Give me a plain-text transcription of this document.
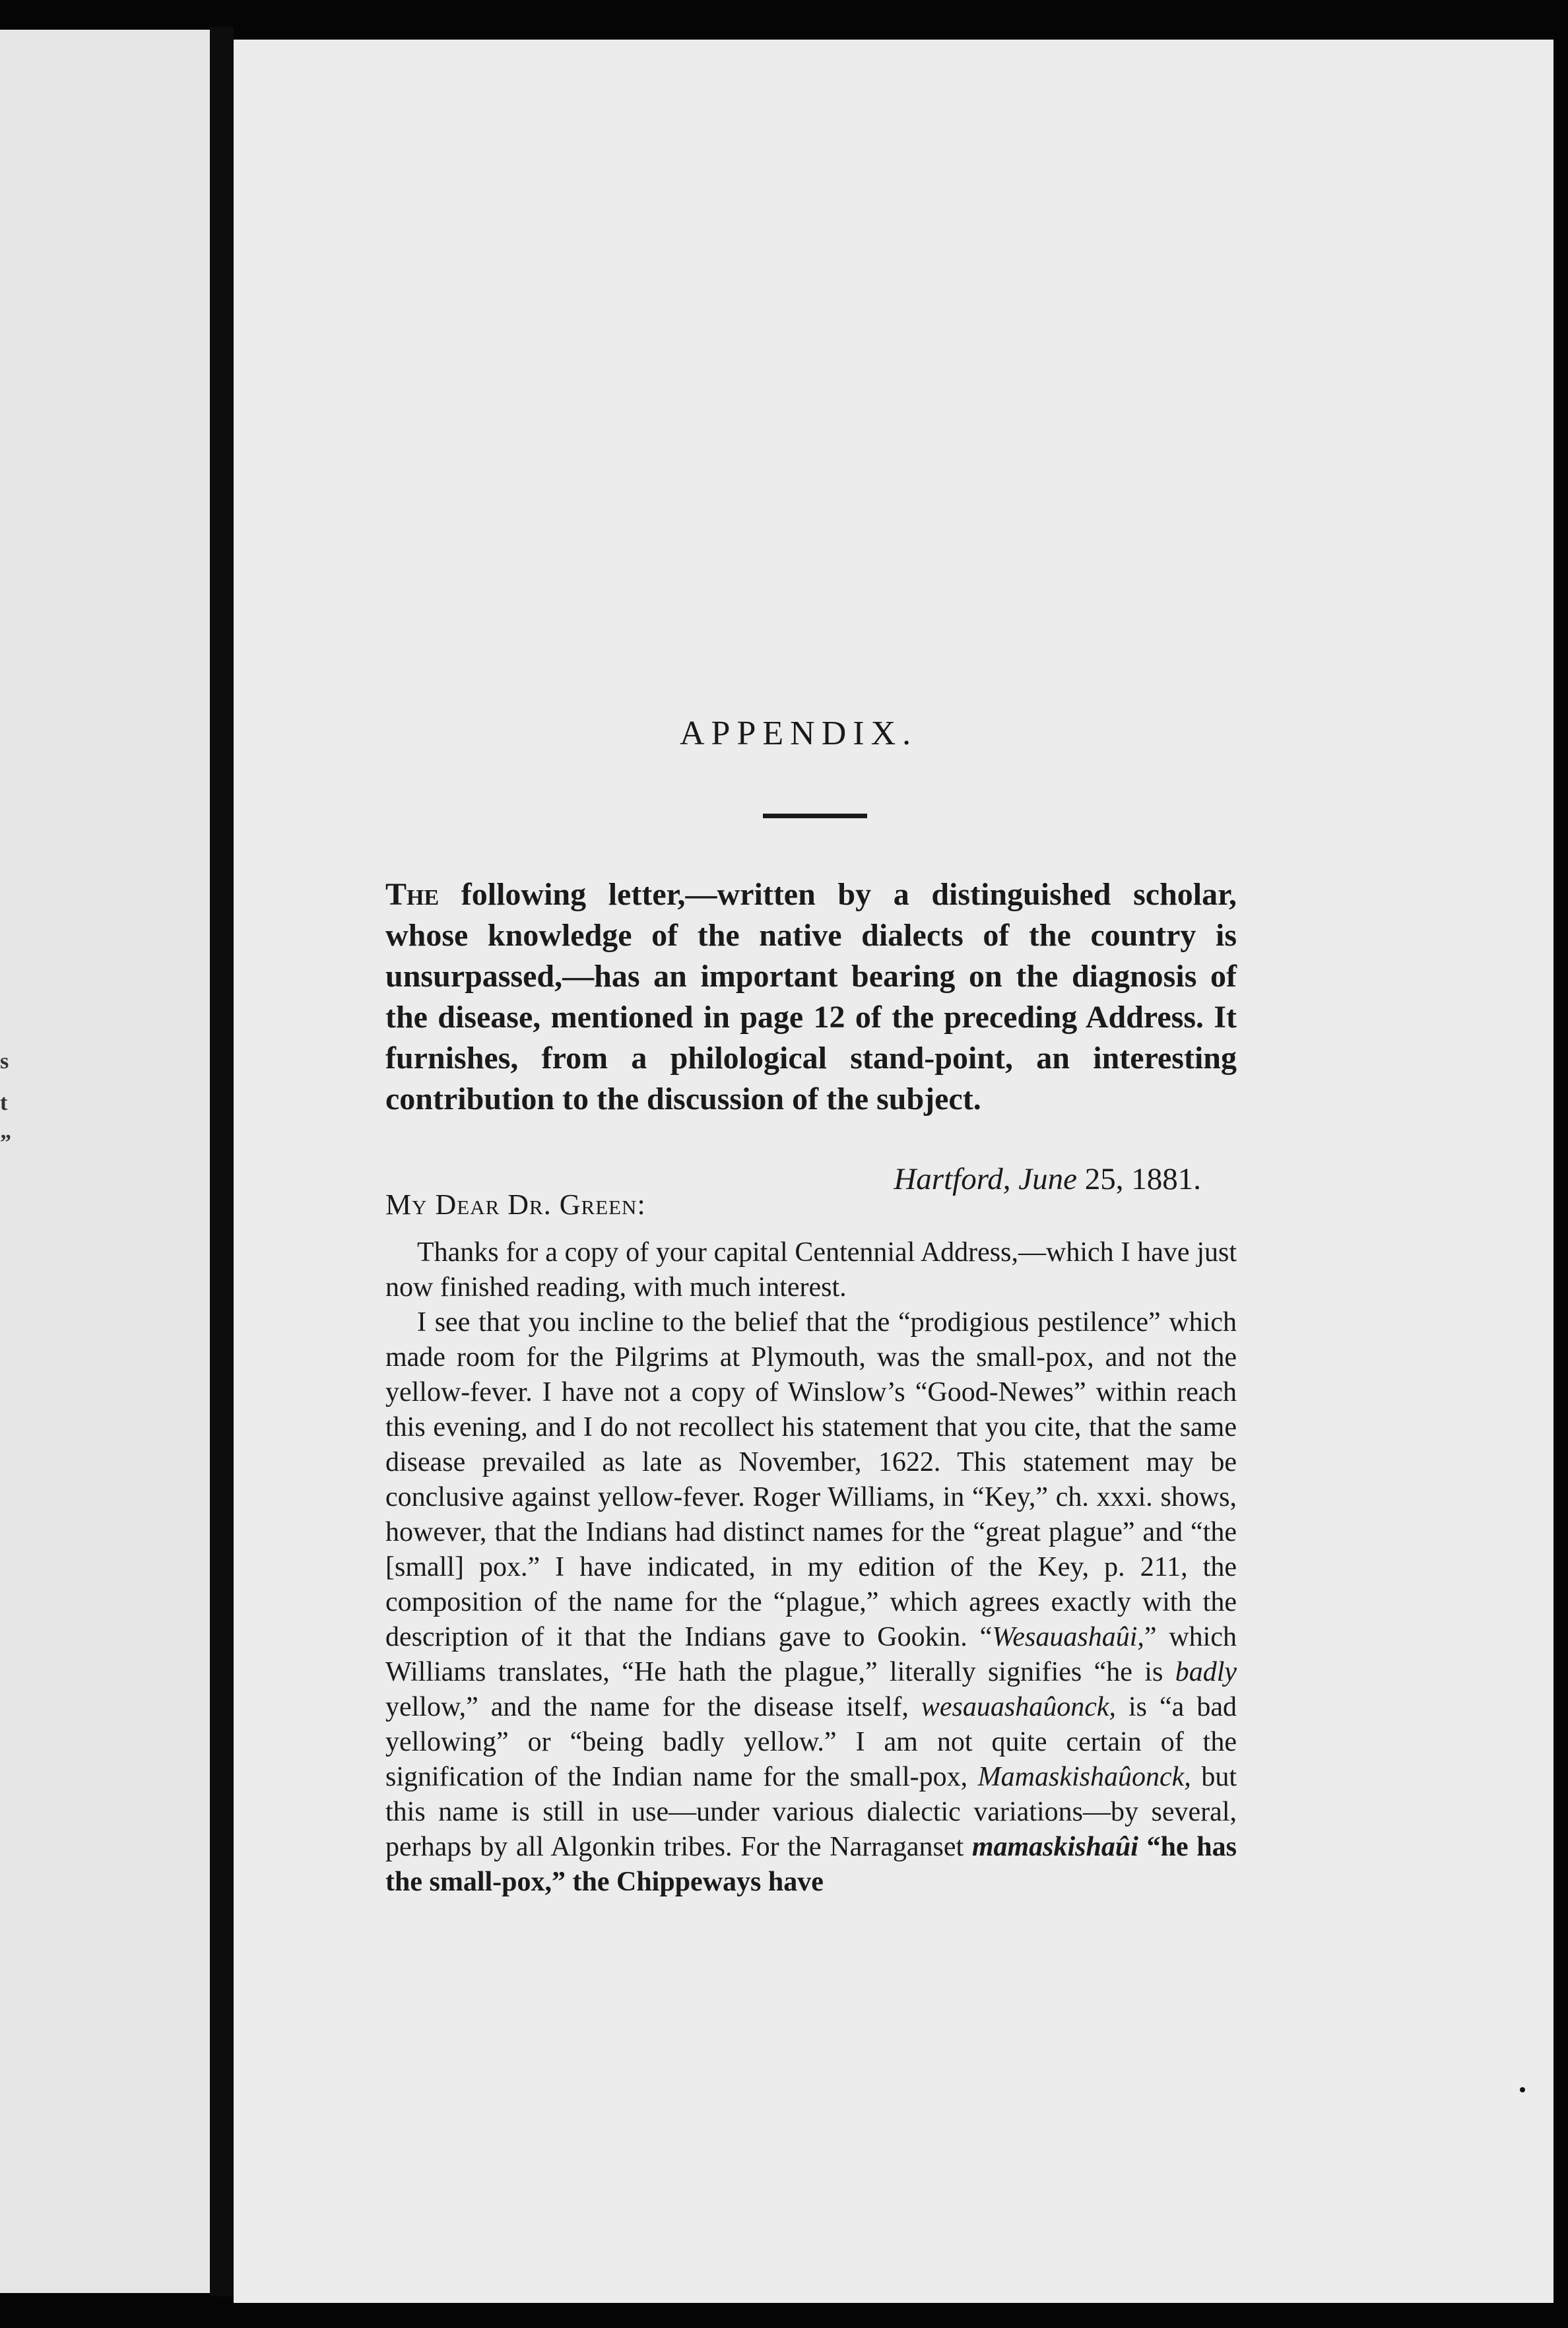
s
t
”
APPENDIX.

The following letter,—written by a distinguished scholar, whose knowledge of the native dialects of the country is unsurpassed,—has an important bearing on the diagnosis of the disease, mentioned in page 12 of the preceding Address. It furnishes, from a philological stand-point, an interesting contribution to the discussion of the subject.

Hartford, June 25, 1881.
My Dear Dr. Green:

Thanks for a copy of your capital Centennial Address,—which I have just now finished reading, with much interest.

I see that you incline to the belief that the “prodigious pestilence” which made room for the Pilgrims at Plymouth, was the small-pox, and not the yellow-fever. I have not a copy of Winslow’s “Good-Newes” within reach this evening, and I do not recollect his statement that you cite, that the same disease prevailed as late as November, 1622. This statement may be conclusive against yellow-fever. Roger Williams, in “Key,” ch. xxxi. shows, however, that the Indians had distinct names for the “great plague” and “the [small] pox.” I have indicated, in my edition of the Key, p. 211, the composition of the name for the “plague,” which agrees exactly with the description of it that the Indians gave to Gookin. “Wesauashaûi,” which Williams translates, “He hath the plague,” literally signifies “he is badly yellow,” and the name for the disease itself, wesauashaûonck, is “a bad yellowing” or “being badly yellow.” I am not quite certain of the signification of the Indian name for the small-pox, Mamaskishaûonck, but this name is still in use—under various dialectic variations—by several, perhaps by all Algonkin tribes. For the Narraganset mamaskishaûi “he has the small-pox,” the Chippeways have
